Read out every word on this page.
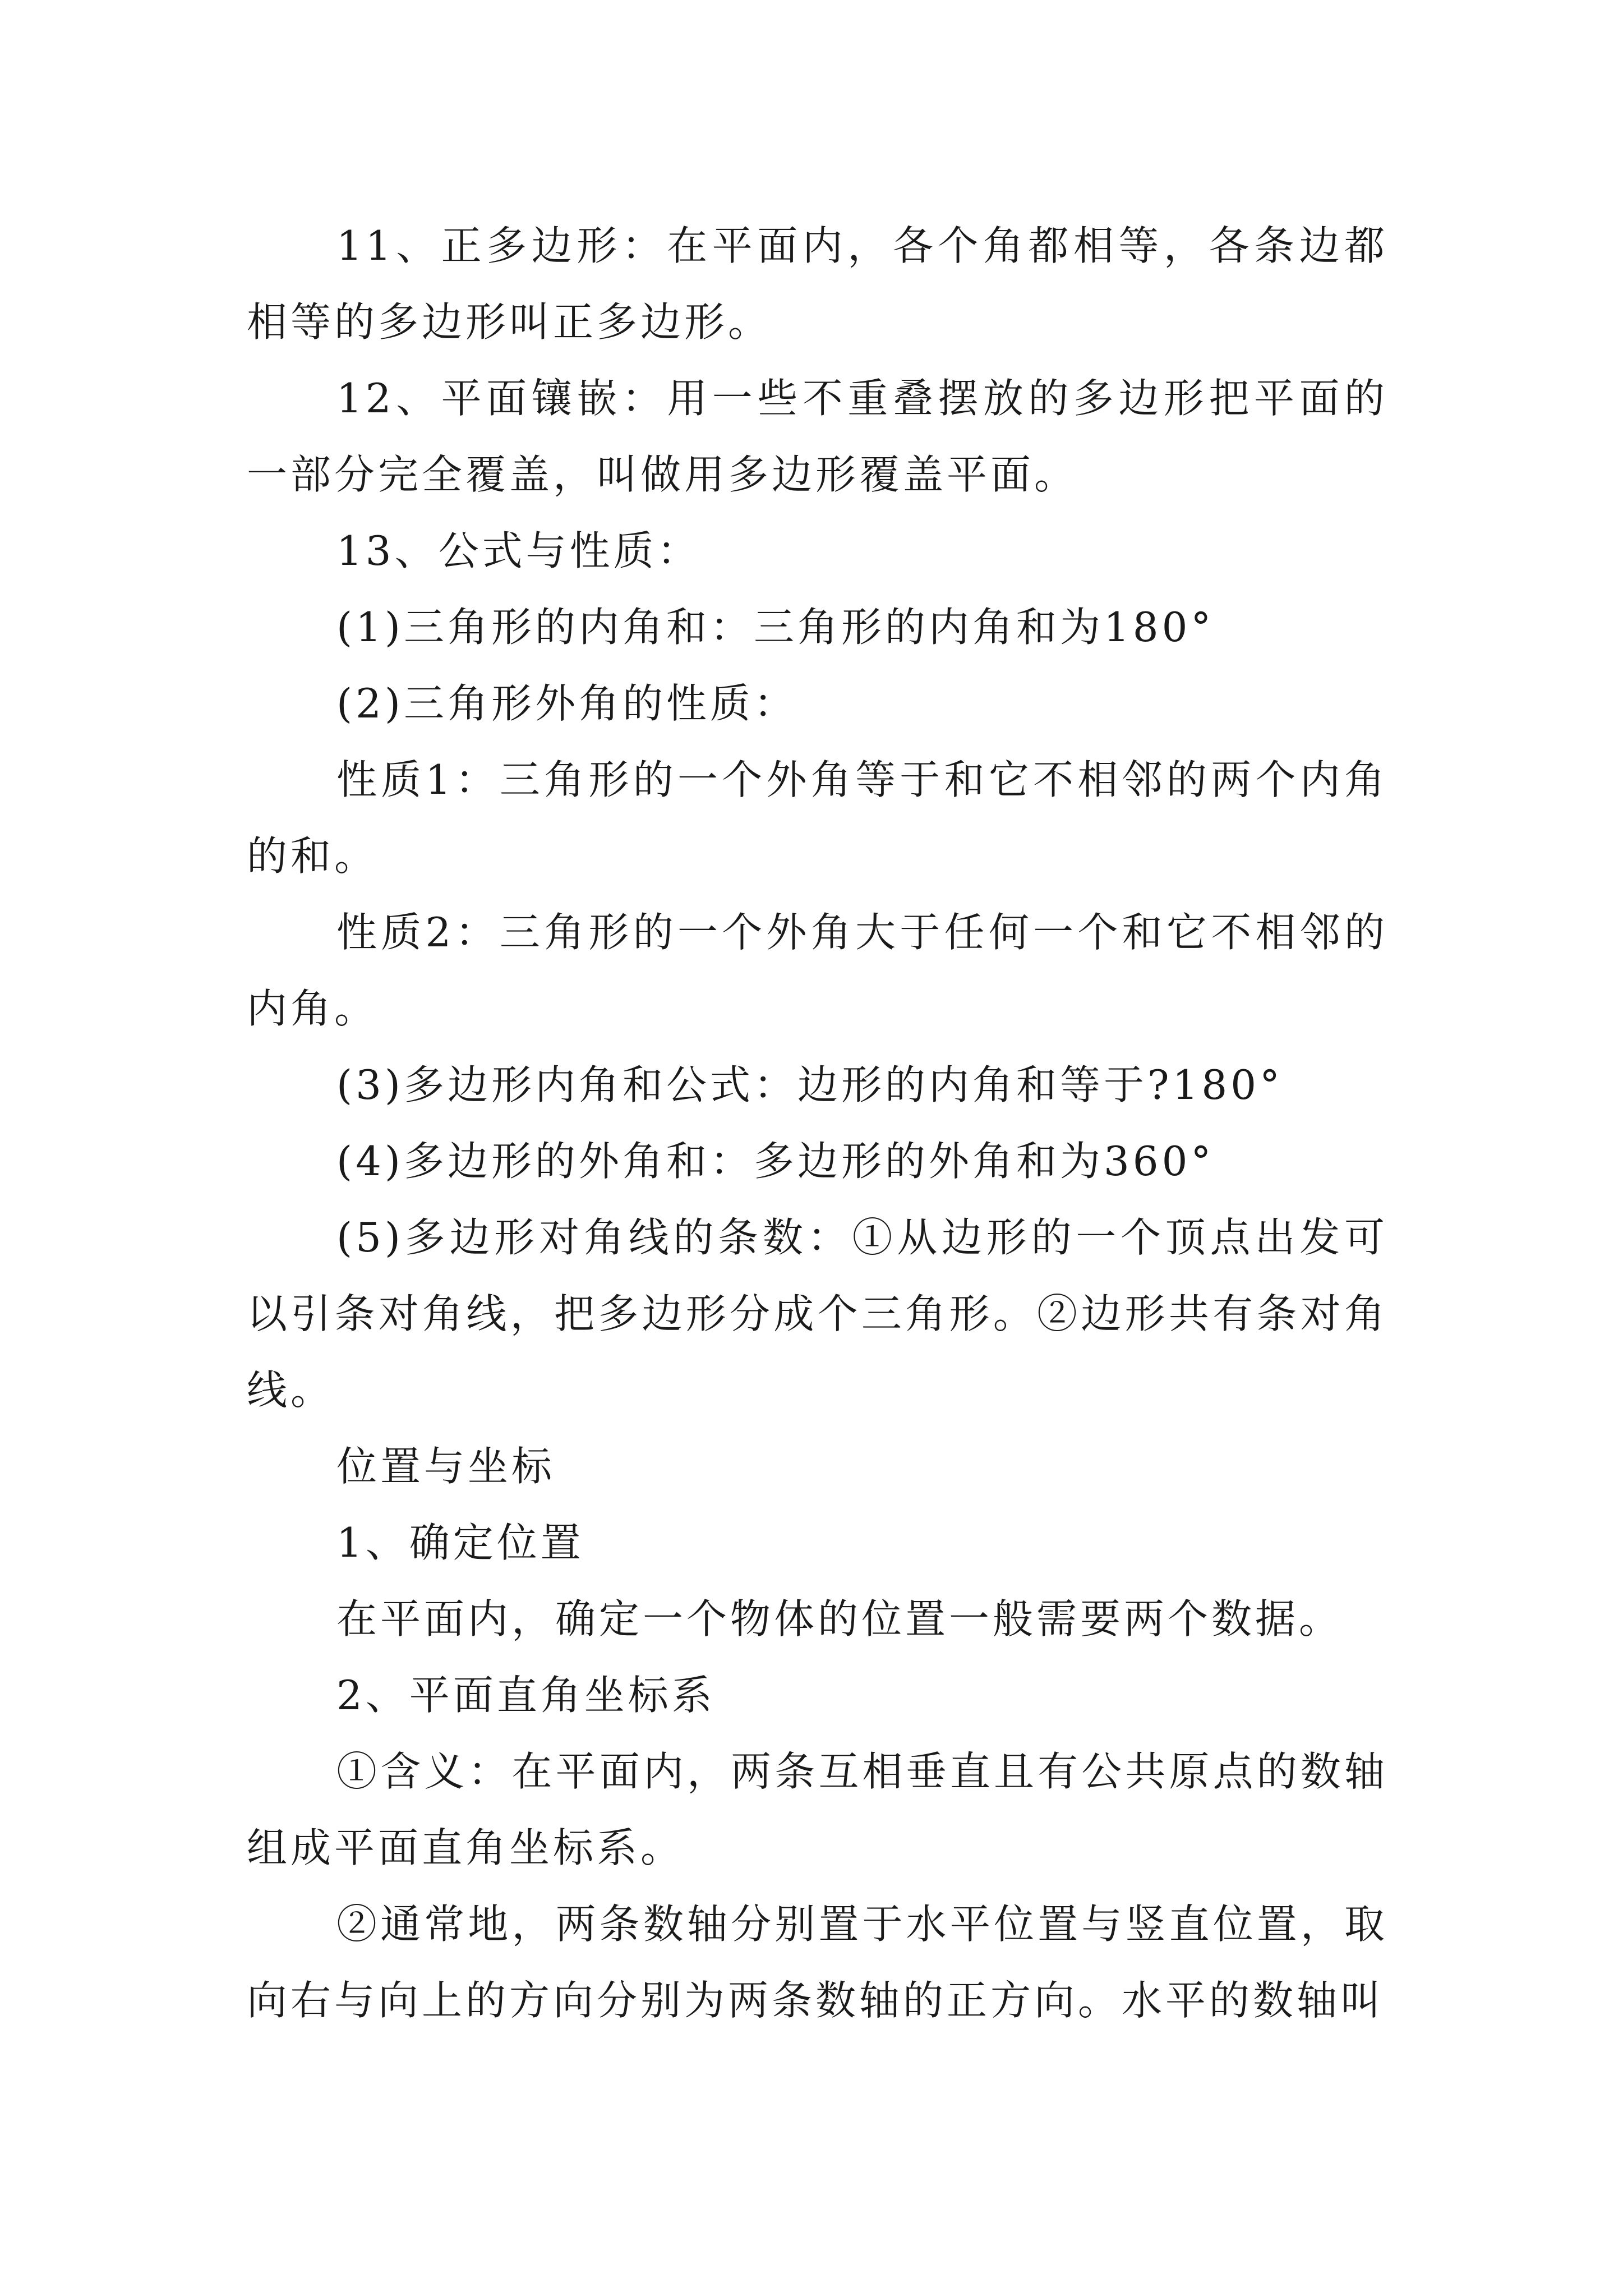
11、正多边形：在平面内，各个角都相等，各条边都相等的多边形叫正多边形。

12、平面镶嵌：用一些不重叠摆放的多边形把平面的一部分完全覆盖，叫做用多边形覆盖平面。

13、公式与性质：

(1)三角形的内角和：三角形的内角和为180°

(2)三角形外角的性质：

性质1：三角形的一个外角等于和它不相邻的两个内角的和。

性质2：三角形的一个外角大于任何一个和它不相邻的内角。

(3)多边形内角和公式：边形的内角和等于?180°

(4)多边形的外角和：多边形的外角和为360°

(5)多边形对角线的条数：①从边形的一个顶点出发可以引条对角线，把多边形分成个三角形。②边形共有条对角线。

位置与坐标

1、确定位置

在平面内，确定一个物体的位置一般需要两个数据。

2、平面直角坐标系

①含义：在平面内，两条互相垂直且有公共原点的数轴组成平面直角坐标系。

②通常地，两条数轴分别置于水平位置与竖直位置，取向右与向上的方向分别为两条数轴的正方向。水平的数轴叫
